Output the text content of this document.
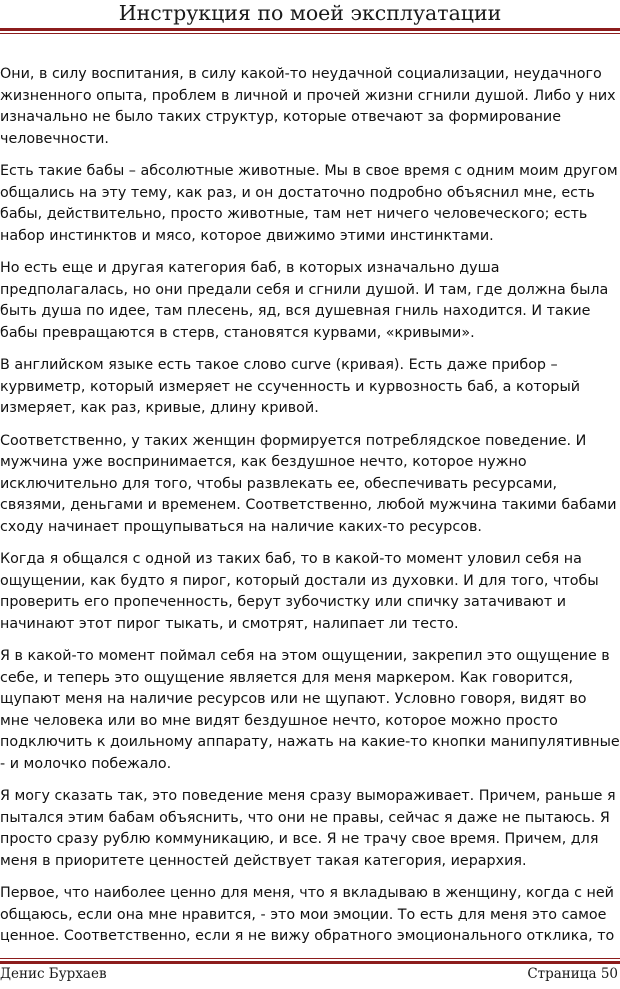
Инструкция по моей эксплуатации

Они, в силу воспитания, в силу какой-то неудачной социализации, неудачного
жизненного опыта, проблем в личной и прочей жизни сгнили душой. Либо у них
изначально не было таких структур, которые отвечают за формирование
человечности.

Есть такие бабы – абсолютные животные. Мы в свое время с одним моим другом
общались на эту тему, как раз, и он достаточно подробно объяснил мне, есть
бабы, действительно, просто животные, там нет ничего человеческого; есть
набор инстинктов и мясо, которое движимо этими инстинктами.

Но есть еще и другая категория баб, в которых изначально душа
предполагалась, но они предали себя и сгнили душой. И там, где должна была
быть душа по идее, там плесень, яд, вся душевная гниль находится. И такие
бабы превращаются в стерв, становятся курвами, «кривыми».

В английском языке есть такое слово curve (кривая). Есть даже прибор –
курвиметр, который измеряет не ссученность и курвозность баб, а который
измеряет, как раз, кривые, длину кривой.

Соответственно, у таких женщин формируется потреблядское поведение. И
мужчина уже воспринимается, как бездушное нечто, которое нужно
исключительно для того, чтобы развлекать ее, обеспечивать ресурсами,
связями, деньгами и временем. Соответственно, любой мужчина такими бабами
сходу начинает прощупываться на наличие каких-то ресурсов.

Когда я общался с одной из таких баб, то в какой-то момент уловил себя на
ощущении, как будто я пирог, который достали из духовки. И для того, чтобы
проверить его пропеченность, берут зубочистку или спичку затачивают и
начинают этот пирог тыкать, и смотрят, налипает ли тесто.

Я в какой-то момент поймал себя на этом ощущении, закрепил это ощущение в
себе, и теперь это ощущение является для меня маркером. Как говорится,
щупают меня на наличие ресурсов или не щупают. Условно говоря, видят во
мне человека или во мне видят бездушное нечто, которое можно просто
подключить к доильному аппарату, нажать на какие-то кнопки манипулятивные
- и молочко побежало.

Я могу сказать так, это поведение меня сразу вымораживает. Причем, раньше я
пытался этим бабам объяснить, что они не правы, сейчас я даже не пытаюсь. Я
просто сразу рублю коммуникацию, и все. Я не трачу свое время. Причем, для
меня в приоритете ценностей действует такая категория, иерархия.

Первое, что наиболее ценно для меня, что я вкладываю в женщину, когда с ней
общаюсь, если она мне нравится, - это мои эмоции. То есть для меня это самое
ценное. Соответственно, если я не вижу обратного эмоционального отклика, то

Денис Бурхаев	Страница 50
